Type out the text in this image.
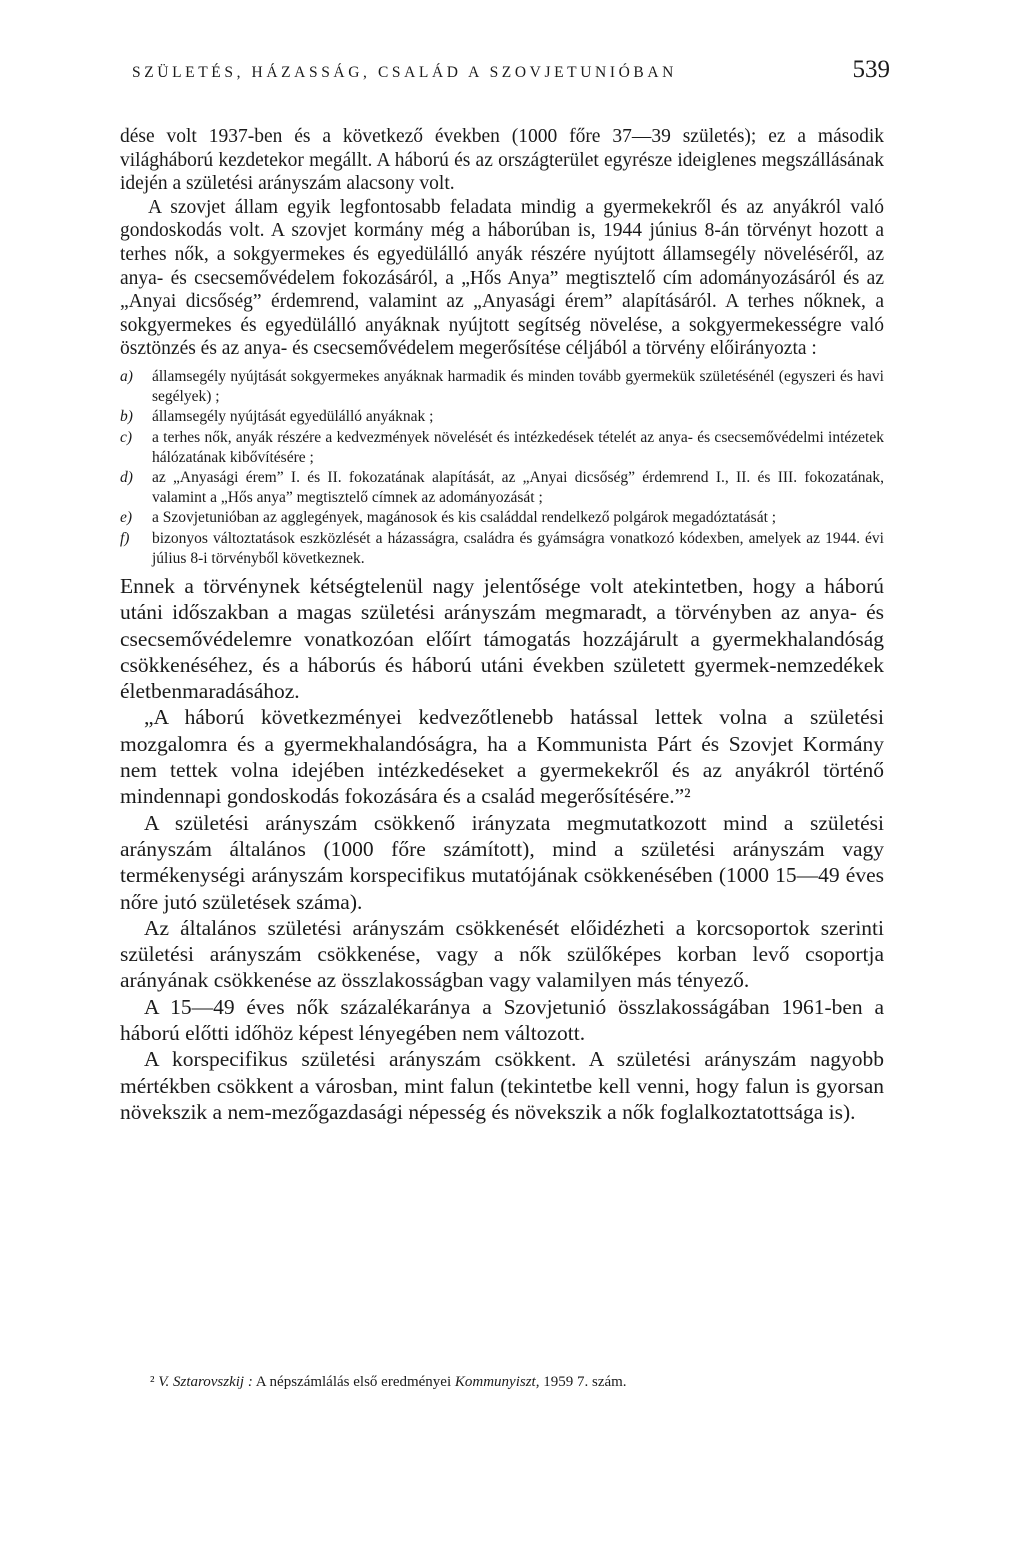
SZÜLETÉS, HÁZASSÁG, CSALÁD A SZOVJETUNIÓBAN	539

dése volt 1937-ben és a következő években (1000 főre 37—39 születés); ez a második világháború kezdetekor megállt. A háború és az országterület egyrésze ideiglenes megszállásának idején a születési arányszám alacsony volt.

A szovjet állam egyik legfontosabb feladata mindig a gyermekekről és az anyákról való gondoskodás volt. A szovjet kormány még a háborúban is, 1944 június 8-án törvényt hozott a terhes nők, a sokgyermekes és egyedülálló anyák részére nyújtott államsegély növeléséről, az anya- és csecsemővédelem fokozásáról, a „Hős Anya” megtisztelő cím adományozásáról és az „Anyai dicsőség” érdemrend, valamint az „Anyasági érem” alapításáról. A terhes nőknek, a sokgyermekes és egyedülálló anyáknak nyújtott segítség növelése, a sokgyermekességre való ösztönzés és az anya- és csecsemővédelem megerősítése céljából a törvény előirányozta :

a)	államsegély nyújtását sokgyermekes anyáknak harmadik és minden tovább gyermekük születésénél (egyszeri és havi segélyek) ;
b)	államsegély nyújtását egyedülálló anyáknak ;
c)	a terhes nők, anyák részére a kedvezmények növelését és intézkedések tételét az anya- és csecsemővédelmi intézetek hálózatának kibővítésére ;
d)	az „Anyasági érem” I. és II. fokozatának alapítását, az „Anyai dicsőség” érdemrend I., II. és III. fokozatának, valamint a „Hős anya” megtisztelő címnek az adományozását ;
e)	a Szovjetunióban az agglegények, magánosok és kis családdal rendelkező polgárok megadóztatását ;
f)	bizonyos változtatások eszközlését a házasságra, családra és gyámságra vonatkozó kódexben, amelyek az 1944. évi július 8-i törvényből következnek.

Ennek a törvénynek kétségtelenül nagy jelentősége volt atekintetben, hogy a háború utáni időszakban a magas születési arányszám megmaradt, a törvényben az anya- és csecsemővédelemre vonatkozóan előírt támogatás hozzájárult a gyermekhalandóság csökkenéséhez, és a háborús és háború utáni években született gyermek-nemzedékek életbenmaradásához.

„A háború következményei kedvezőtlenebb hatással lettek volna a születési mozgalomra és a gyermekhalandóságra, ha a Kommunista Párt és Szovjet Kormány nem tettek volna idejében intézkedéseket a gyermekekről és az anyákról történő mindennapi gondoskodás fokozására és a család megerősítésére.”²

A születési arányszám csökkenő irányzata megmutatkozott mind a születési arányszám általános (1000 főre számított), mind a születési arányszám vagy termékenységi arányszám korspecifikus mutatójának csökkenésében (1000 15—49 éves nőre jutó születések száma).

Az általános születési arányszám csökkenését előidézheti a korcsoportok szerinti születési arányszám csökkenése, vagy a nők szülőképes korban levő csoportja arányának csökkenése az összlakosságban vagy valamilyen más tényező.

A 15—49 éves nők százalékaránya a Szovjetunió összlakosságában 1961-ben a háború előtti időhöz képest lényegében nem változott.

A korspecifikus születési arányszám csökkent. A születési arányszám nagyobb mértékben csökkent a városban, mint falun (tekintetbe kell venni, hogy falun is gyorsan növekszik a nem-mezőgazdasági népesség és növekszik a nők foglalkoztatottsága is).

² V. Sztarovszkij : A népszámlálás első eredményei Kommunyiszt, 1959 7. szám.
